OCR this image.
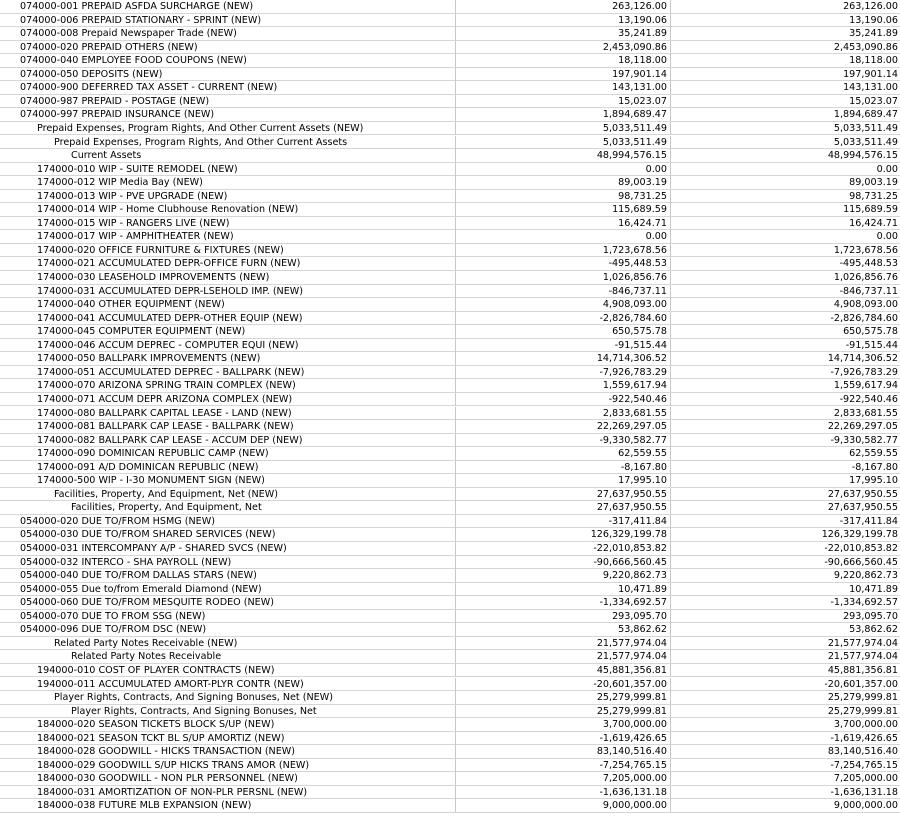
074000-001 PREPAID ASFDA SURCHARGE (NEW)	263,126.00	263,126.00
074000-006 PREPAID STATIONARY - SPRINT (NEW)	13,190.06	13,190.06
074000-008 Prepaid Newspaper Trade (NEW)	35,241.89	35,241.89
074000-020 PREPAID OTHERS (NEW)	2,453,090.86	2,453,090.86
074000-040 EMPLOYEE FOOD COUPONS (NEW)	18,118.00	18,118.00
074000-050 DEPOSITS (NEW)	197,901.14	197,901.14
074000-900 DEFERRED TAX ASSET - CURRENT (NEW)	143,131.00	143,131.00
074000-987 PREPAID - POSTAGE (NEW)	15,023.07	15,023.07
074000-997 PREPAID INSURANCE (NEW)	1,894,689.47	1,894,689.47
Prepaid Expenses, Program Rights, And Other Current Assets (NEW)	5,033,511.49	5,033,511.49
Prepaid Expenses, Program Rights, And Other Current Assets	5,033,511.49	5,033,511.49
Current Assets	48,994,576.15	48,994,576.15
174000-010 WIP - SUITE REMODEL (NEW)	0.00	0.00
174000-012 WIP Media Bay (NEW)	89,003.19	89,003.19
174000-013 WIP - PVE UPGRADE (NEW)	98,731.25	98,731.25
174000-014 WIP - Home Clubhouse Renovation (NEW)	115,689.59	115,689.59
174000-015 WIP - RANGERS LIVE (NEW)	16,424.71	16,424.71
174000-017 WIP - AMPHITHEATER (NEW)	0.00	0.00
174000-020 OFFICE FURNITURE & FIXTURES (NEW)	1,723,678.56	1,723,678.56
174000-021 ACCUMULATED DEPR-OFFICE FURN (NEW)	-495,448.53	-495,448.53
174000-030 LEASEHOLD IMPROVEMENTS (NEW)	1,026,856.76	1,026,856.76
174000-031 ACCUMULATED DEPR-LSEHOLD IMP. (NEW)	-846,737.11	-846,737.11
174000-040 OTHER EQUIPMENT (NEW)	4,908,093.00	4,908,093.00
174000-041 ACCUMULATED DEPR-OTHER EQUIP (NEW)	-2,826,784.60	-2,826,784.60
174000-045 COMPUTER EQUIPMENT (NEW)	650,575.78	650,575.78
174000-046 ACCUM DEPREC - COMPUTER EQUI (NEW)	-91,515.44	-91,515.44
174000-050 BALLPARK IMPROVEMENTS (NEW)	14,714,306.52	14,714,306.52
174000-051 ACCUMULATED DEPREC - BALLPARK (NEW)	-7,926,783.29	-7,926,783.29
174000-070 ARIZONA SPRING TRAIN COMPLEX (NEW)	1,559,617.94	1,559,617.94
174000-071 ACCUM DEPR ARIZONA COMPLEX (NEW)	-922,540.46	-922,540.46
174000-080 BALLPARK CAPITAL LEASE - LAND (NEW)	2,833,681.55	2,833,681.55
174000-081 BALLPARK CAP LEASE - BALLPARK (NEW)	22,269,297.05	22,269,297.05
174000-082 BALLPARK CAP LEASE - ACCUM DEP (NEW)	-9,330,582.77	-9,330,582.77
174000-090 DOMINICAN REPUBLIC CAMP (NEW)	62,559.55	62,559.55
174000-091 A/D DOMINICAN REPUBLIC (NEW)	-8,167.80	-8,167.80
174000-500 WIP - I-30 MONUMENT SIGN (NEW)	17,995.10	17,995.10
Facilities, Property, And Equipment, Net (NEW)	27,637,950.55	27,637,950.55
Facilities, Property, And Equipment, Net	27,637,950.55	27,637,950.55
054000-020 DUE TO/FROM HSMG (NEW)	-317,411.84	-317,411.84
054000-030 DUE TO/FROM SHARED SERVICES (NEW)	126,329,199.78	126,329,199.78
054000-031 INTERCOMPANY A/P - SHARED SVCS (NEW)	-22,010,853.82	-22,010,853.82
054000-032 INTERCO - SHA PAYROLL (NEW)	-90,666,560.45	-90,666,560.45
054000-040 DUE TO/FROM DALLAS STARS (NEW)	9,220,862.73	9,220,862.73
054000-055 Due to/from Emerald Diamond (NEW)	10,471.89	10,471.89
054000-060 DUE TO/FROM MESQUITE RODEO (NEW)	-1,334,692.57	-1,334,692.57
054000-070 DUE TO FROM SSG (NEW)	293,095.70	293,095.70
054000-096 DUE TO/FROM DSC (NEW)	53,862.62	53,862.62
Related Party Notes Receivable (NEW)	21,577,974.04	21,577,974.04
Related Party Notes Receivable	21,577,974.04	21,577,974.04
194000-010 COST OF PLAYER CONTRACTS (NEW)	45,881,356.81	45,881,356.81
194000-011 ACCUMULATED AMORT-PLYR CONTR (NEW)	-20,601,357.00	-20,601,357.00
Player Rights, Contracts, And Signing Bonuses, Net (NEW)	25,279,999.81	25,279,999.81
Player Rights, Contracts, And Signing Bonuses, Net	25,279,999.81	25,279,999.81
184000-020 SEASON TICKETS BLOCK S/UP (NEW)	3,700,000.00	3,700,000.00
184000-021 SEASON TCKT BL S/UP AMORTIZ (NEW)	-1,619,426.65	-1,619,426.65
184000-028 GOODWILL - HICKS TRANSACTION (NEW)	83,140,516.40	83,140,516.40
184000-029 GOODWILL S/UP HICKS TRANS AMOR (NEW)	-7,254,765.15	-7,254,765.15
184000-030 GOODWILL - NON PLR PERSONNEL (NEW)	7,205,000.00	7,205,000.00
184000-031 AMORTIZATION OF NON-PLR PERSNL (NEW)	-1,636,131.18	-1,636,131.18
184000-038 FUTURE MLB EXPANSION (NEW)	9,000,000.00	9,000,000.00
